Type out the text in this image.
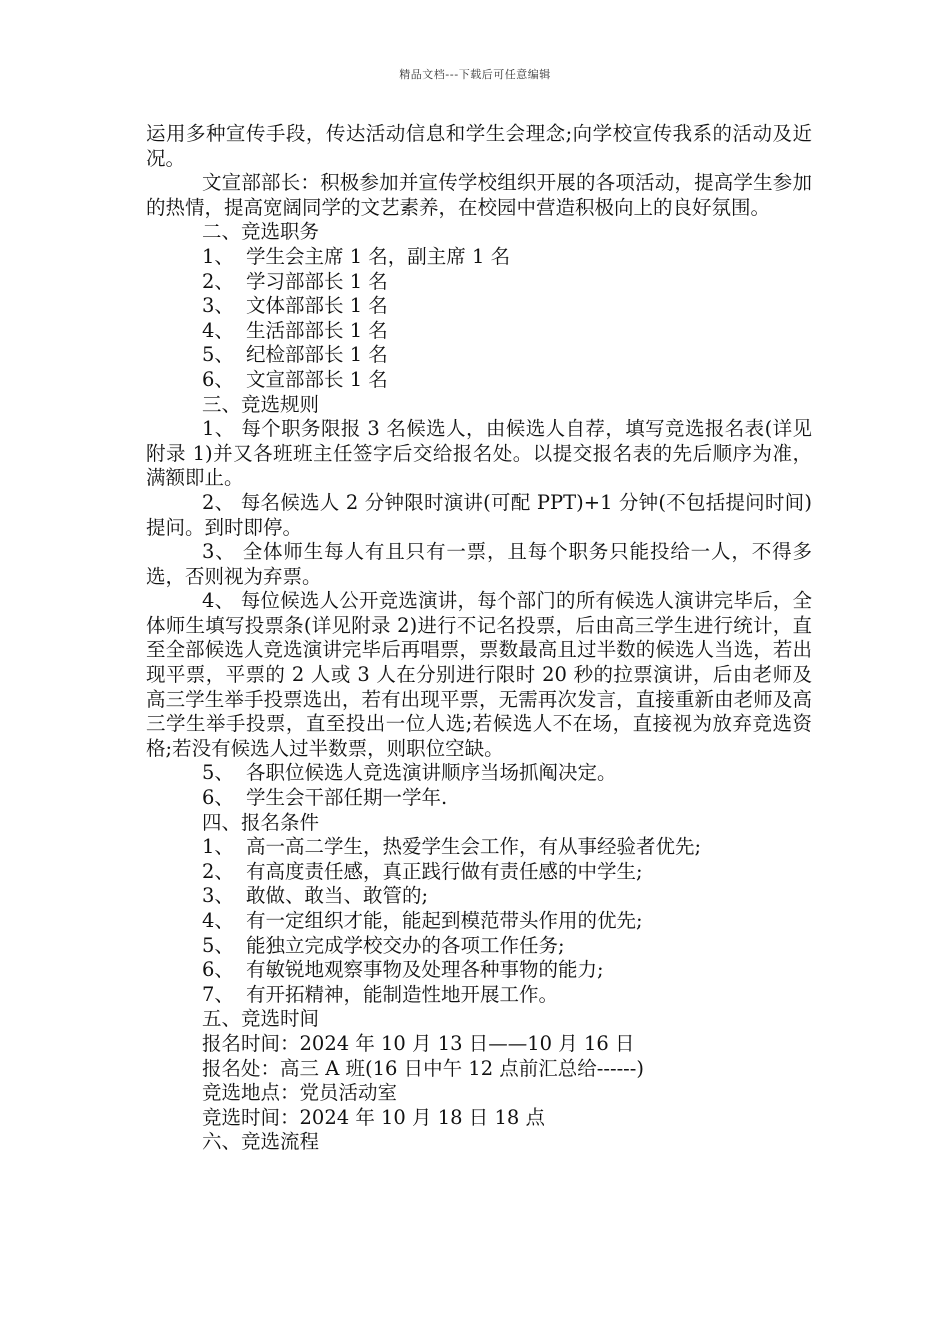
精品文档---下载后可任意编辑

运用多种宣传手段，传达活动信息和学生会理念;向学校宣传我系的活动及近况。

文宣部部长：积极参加并宣传学校组织开展的各项活动，提高学生参加的热情，提高宽阔同学的文艺素养，在校园中营造积极向上的良好氛围。

二、竞选职务

1、 学生会主席 1 名，副主席 1 名
2、 学习部部长 1 名
3、 文体部部长 1 名
4、 生活部部长 1 名
5、 纪检部部长 1 名
6、 文宣部部长 1 名

三、竞选规则

1、 每个职务限报 3 名候选人，由候选人自荐，填写竞选报名表(详见附录 1)并又各班班主任签字后交给报名处。以提交报名表的先后顺序为准，满额即止。

2、 每名候选人 2 分钟限时演讲(可配 PPT)+1 分钟(不包括提问时间)提问。到时即停。

3、 全体师生每人有且只有一票，且每个职务只能投给一人，不得多选，否则视为弃票。

4、 每位候选人公开竞选演讲，每个部门的所有候选人演讲完毕后，全体师生填写投票条(详见附录 2)进行不记名投票，后由高三学生进行统计，直至全部候选人竞选演讲完毕后再唱票，票数最高且过半数的候选人当选，若出现平票，平票的 2 人或 3 人在分别进行限时 20 秒的拉票演讲，后由老师及高三学生举手投票选出，若有出现平票，无需再次发言，直接重新由老师及高三学生举手投票，直至投出一位人选;若候选人不在场，直接视为放弃竞选资格;若没有候选人过半数票，则职位空缺。

5、 各职位候选人竞选演讲顺序当场抓阄决定。
6、 学生会干部任期一学年.

四、报名条件

1、 高一高二学生，热爱学生会工作，有从事经验者优先;
2、 有高度责任感，真正践行做有责任感的中学生;
3、 敢做、敢当、敢管的;
4、 有一定组织才能，能起到模范带头作用的优先;
5、 能独立完成学校交办的各项工作任务;
6、 有敏锐地观察事物及处理各种事物的能力;
7、 有开拓精神，能制造性地开展工作。

五、竞选时间

报名时间：2024 年 10 月 13 日——10 月 16 日

报名处：高三 A 班(16 日中午 12 点前汇总给------)

竞选地点：党员活动室

竞选时间：2024 年 10 月 18 日 18 点

六、竞选流程
